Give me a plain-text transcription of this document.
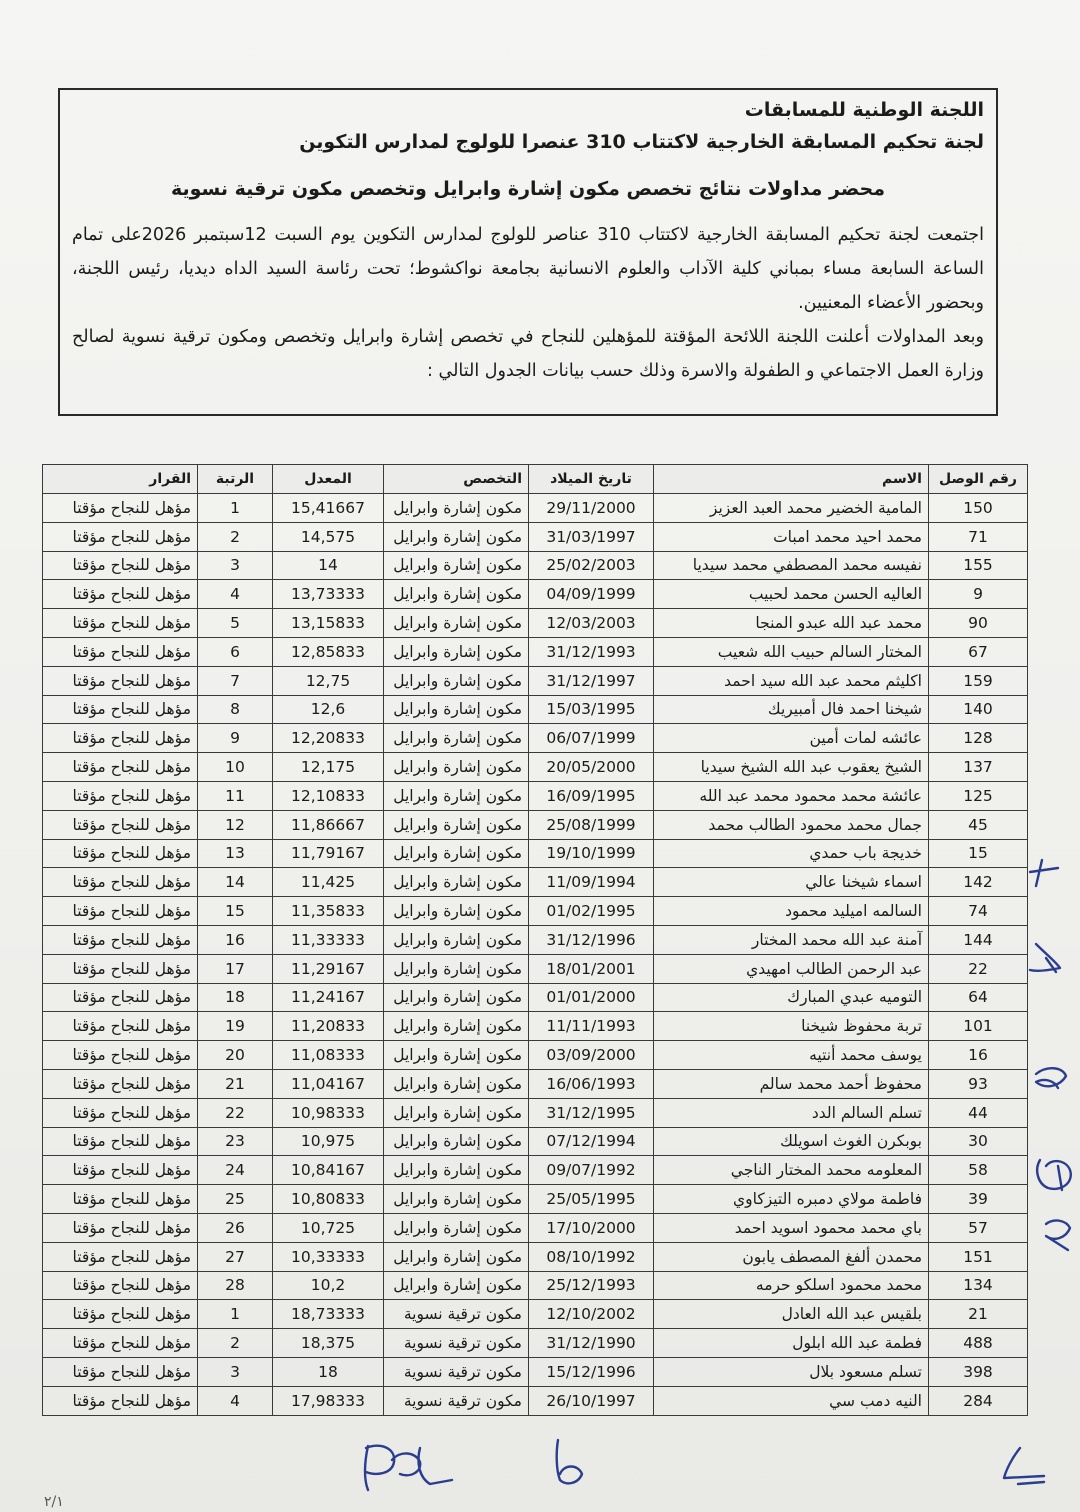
اللجنة الوطنية للمسابقات
لجنة تحكيم المسابقة الخارجية لاكتتاب 310 عنصرا للولوج لمدارس التكوين
محضر مداولات نتائج تخصص مكون إشارة وابرايل وتخصص مكون ترقية نسوية

اجتمعت لجنة تحكيم المسابقة الخارجية لاكتتاب 310 عناصر للولوج لمدارس التكوين يوم السبت 12سبتمبر 2026على تمام الساعة السابعة مساء بمباني كلية الآداب والعلوم الانسانية بجامعة نواكشوط؛ تحت رئاسة السيد الداه ديديا، رئيس اللجنة، وبحضور الأعضاء المعنيين.

وبعد المداولات أعلنت اللجنة اللائحة المؤقتة للمؤهلين للنجاح في تخصص إشارة وابرايل وتخصص ومكون ترقية نسوية لصالح وزارة العمل الاجتماعي و الطفولة والاسرة وذلك حسب بيانات الجدول التالي :

رقم الوصل	الاسم	تاريخ الميلاد	التخصص	المعدل	الرتبة	القرار
150	المامية الخضير محمد العبد العزيز	29/11/2000	مكون إشارة وابرايل	15,41667	1	مؤهل للنجاح مؤقتا
71	محمد احيد محمد امبات	31/03/1997	مكون إشارة وابرايل	14,575	2	مؤهل للنجاح مؤقتا
155	نفيسه محمد المصطفي محمد سيديا	25/02/2003	مكون إشارة وابرايل	14	3	مؤهل للنجاح مؤقتا
9	العاليه الحسن محمد لحبيب	04/09/1999	مكون إشارة وابرايل	13,73333	4	مؤهل للنجاح مؤقتا
90	محمد عبد الله عبدو المنجا	12/03/2003	مكون إشارة وابرايل	13,15833	5	مؤهل للنجاح مؤقتا
67	المختار السالم حبيب الله شعيب	31/12/1993	مكون إشارة وابرايل	12,85833	6	مؤهل للنجاح مؤقتا
159	اكليثم محمد عبد الله سيد احمد	31/12/1997	مكون إشارة وابرايل	12,75	7	مؤهل للنجاح مؤقتا
140	شيخنا احمد فال أمبيريك	15/03/1995	مكون إشارة وابرايل	12,6	8	مؤهل للنجاح مؤقتا
128	عائشه لمات أمين	06/07/1999	مكون إشارة وابرايل	12,20833	9	مؤهل للنجاح مؤقتا
137	الشيخ يعقوب عبد الله الشيخ سيديا	20/05/2000	مكون إشارة وابرايل	12,175	10	مؤهل للنجاح مؤقتا
125	عائشة محمد محمود محمد عبد الله	16/09/1995	مكون إشارة وابرايل	12,10833	11	مؤهل للنجاح مؤقتا
45	جمال محمد محمود الطالب محمد	25/08/1999	مكون إشارة وابرايل	11,86667	12	مؤهل للنجاح مؤقتا
15	خديجة باب حمدي	19/10/1999	مكون إشارة وابرايل	11,79167	13	مؤهل للنجاح مؤقتا
142	اسماء شيخنا عالي	11/09/1994	مكون إشارة وابرايل	11,425	14	مؤهل للنجاح مؤقتا
74	السالمه اميليد محمود	01/02/1995	مكون إشارة وابرايل	11,35833	15	مؤهل للنجاح مؤقتا
144	آمنة عبد الله محمد المختار	31/12/1996	مكون إشارة وابرايل	11,33333	16	مؤهل للنجاح مؤقتا
22	عبد الرحمن الطالب امهيدي	18/01/2001	مكون إشارة وابرايل	11,29167	17	مؤهل للنجاح مؤقتا
64	التوميه عبدي المبارك	01/01/2000	مكون إشارة وابرايل	11,24167	18	مؤهل للنجاح مؤقتا
101	تربة محفوظ شيخنا	11/11/1993	مكون إشارة وابرايل	11,20833	19	مؤهل للنجاح مؤقتا
16	يوسف محمد أنتيه	03/09/2000	مكون إشارة وابرايل	11,08333	20	مؤهل للنجاح مؤقتا
93	محفوظ أحمد محمد سالم	16/06/1993	مكون إشارة وابرايل	11,04167	21	مؤهل للنجاح مؤقتا
44	تسلم السالم الدد	31/12/1995	مكون إشارة وابرايل	10,98333	22	مؤهل للنجاح مؤقتا
30	بوبكرن الغوث اسويلك	07/12/1994	مكون إشارة وابرايل	10,975	23	مؤهل للنجاح مؤقتا
58	المعلومه محمد المختار الناجي	09/07/1992	مكون إشارة وابرايل	10,84167	24	مؤهل للنجاح مؤقتا
39	فاطمة مولاي دمبره التيزكاوي	25/05/1995	مكون إشارة وابرايل	10,80833	25	مؤهل للنجاح مؤقتا
57	باي محمد محمود اسويد احمد	17/10/2000	مكون إشارة وابرايل	10,725	26	مؤهل للنجاح مؤقتا
151	محمدن ألفغ المصطف يابون	08/10/1992	مكون إشارة وابرايل	10,33333	27	مؤهل للنجاح مؤقتا
134	محمد محمود اسلكو حرمه	25/12/1993	مكون إشارة وابرايل	10,2	28	مؤهل للنجاح مؤقتا
21	بلقيس عبد الله العادل	12/10/2002	مكون ترقية نسوية	18,73333	1	مؤهل للنجاح مؤقتا
488	فطمة عبد الله ابلول	31/12/1990	مكون ترقية نسوية	18,375	2	مؤهل للنجاح مؤقتا
398	تسلم مسعود بلال	15/12/1996	مكون ترقية نسوية	18	3	مؤهل للنجاح مؤقتا
284	النيه دمب سي	26/10/1997	مكون ترقية نسوية	17,98333	4	مؤهل للنجاح مؤقتا
٢/١
